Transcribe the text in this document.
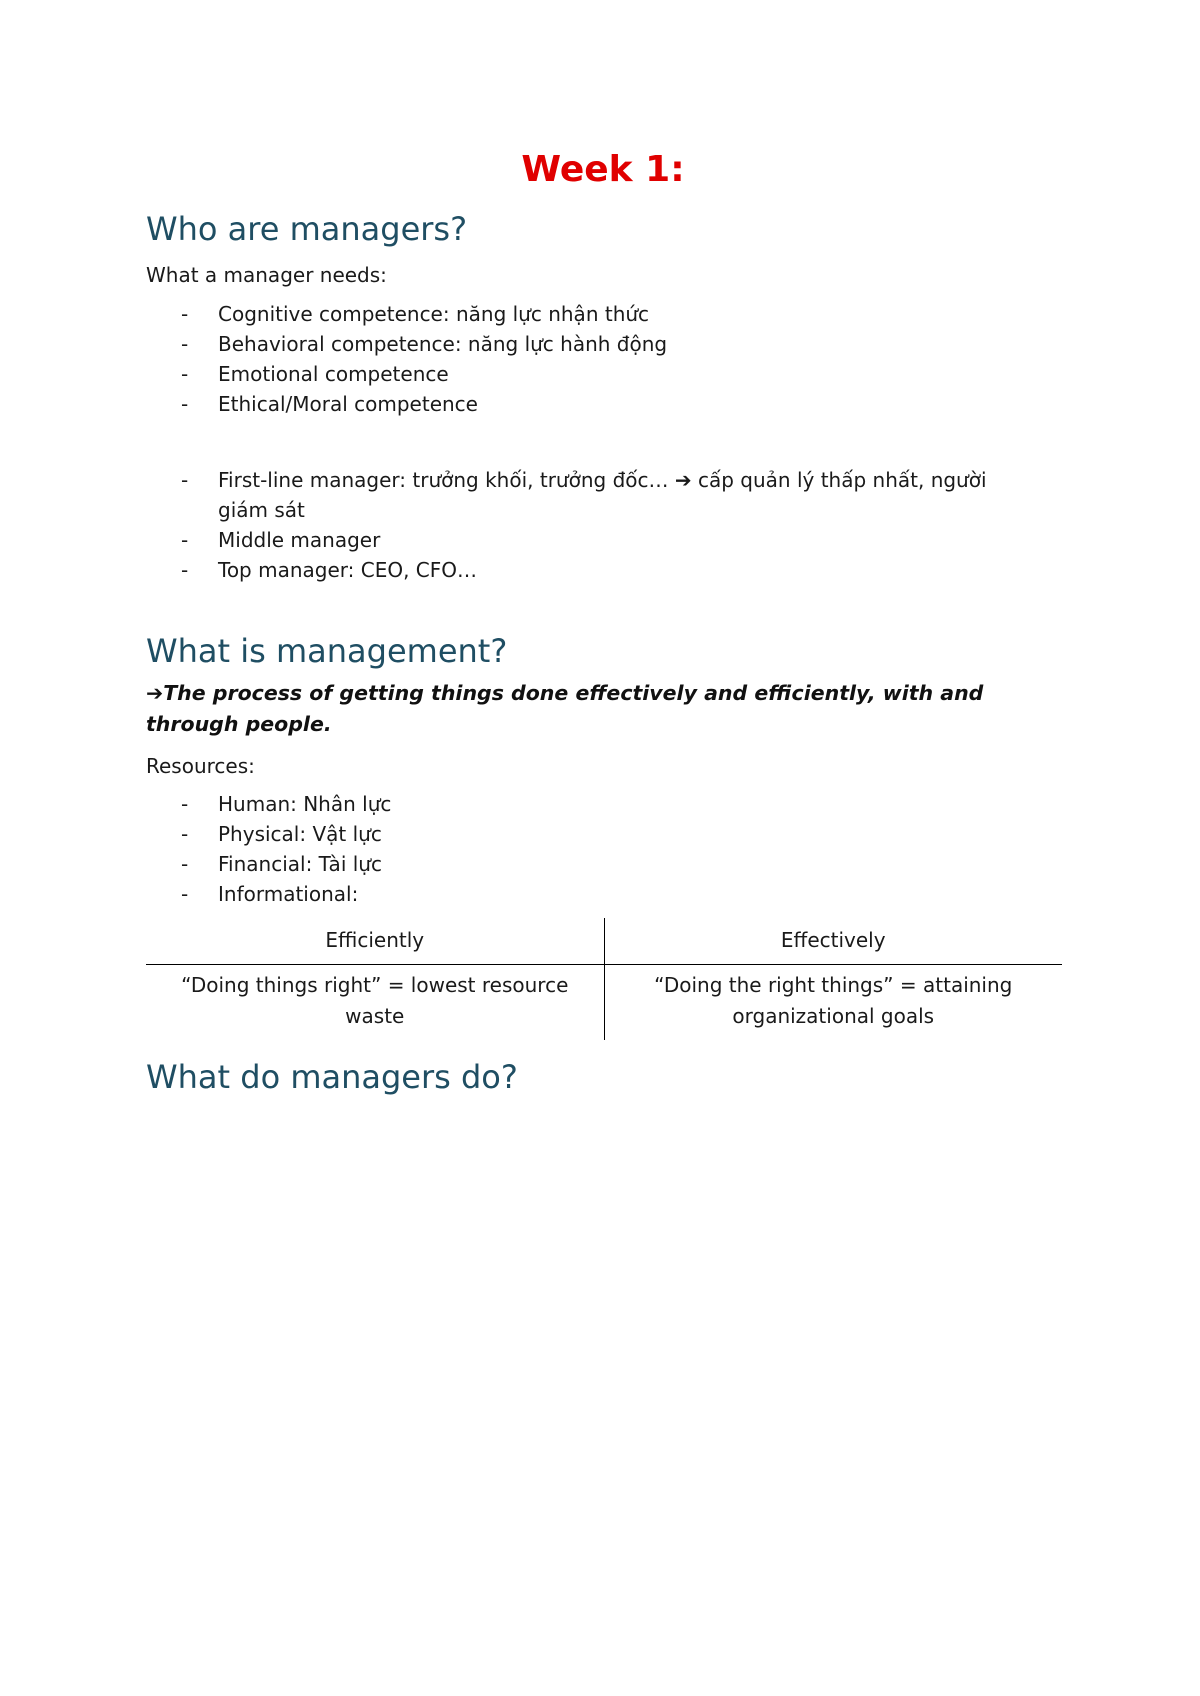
Week 1:
Who are managers?
What a manager needs:
- Cognitive competence: năng lực nhận thức
- Behavioral competence: năng lực hành động
- Emotional competence
- Ethical/Moral competence
- First-line manager: trưởng khối, trưởng đốc… ➔ cấp quản lý thấp nhất, người giám sát
- Middle manager
- Top manager: CEO, CFO…
What is management?
➔The process of getting things done effectively and efficiently, with and through people.
Resources:
- Human: Nhân lực
- Physical: Vật lực
- Financial: Tài lực
- Informational:
Efficiently	Effectively
“Doing things right” = lowest resource waste	“Doing the right things” = attaining organizational goals
What do managers do?
